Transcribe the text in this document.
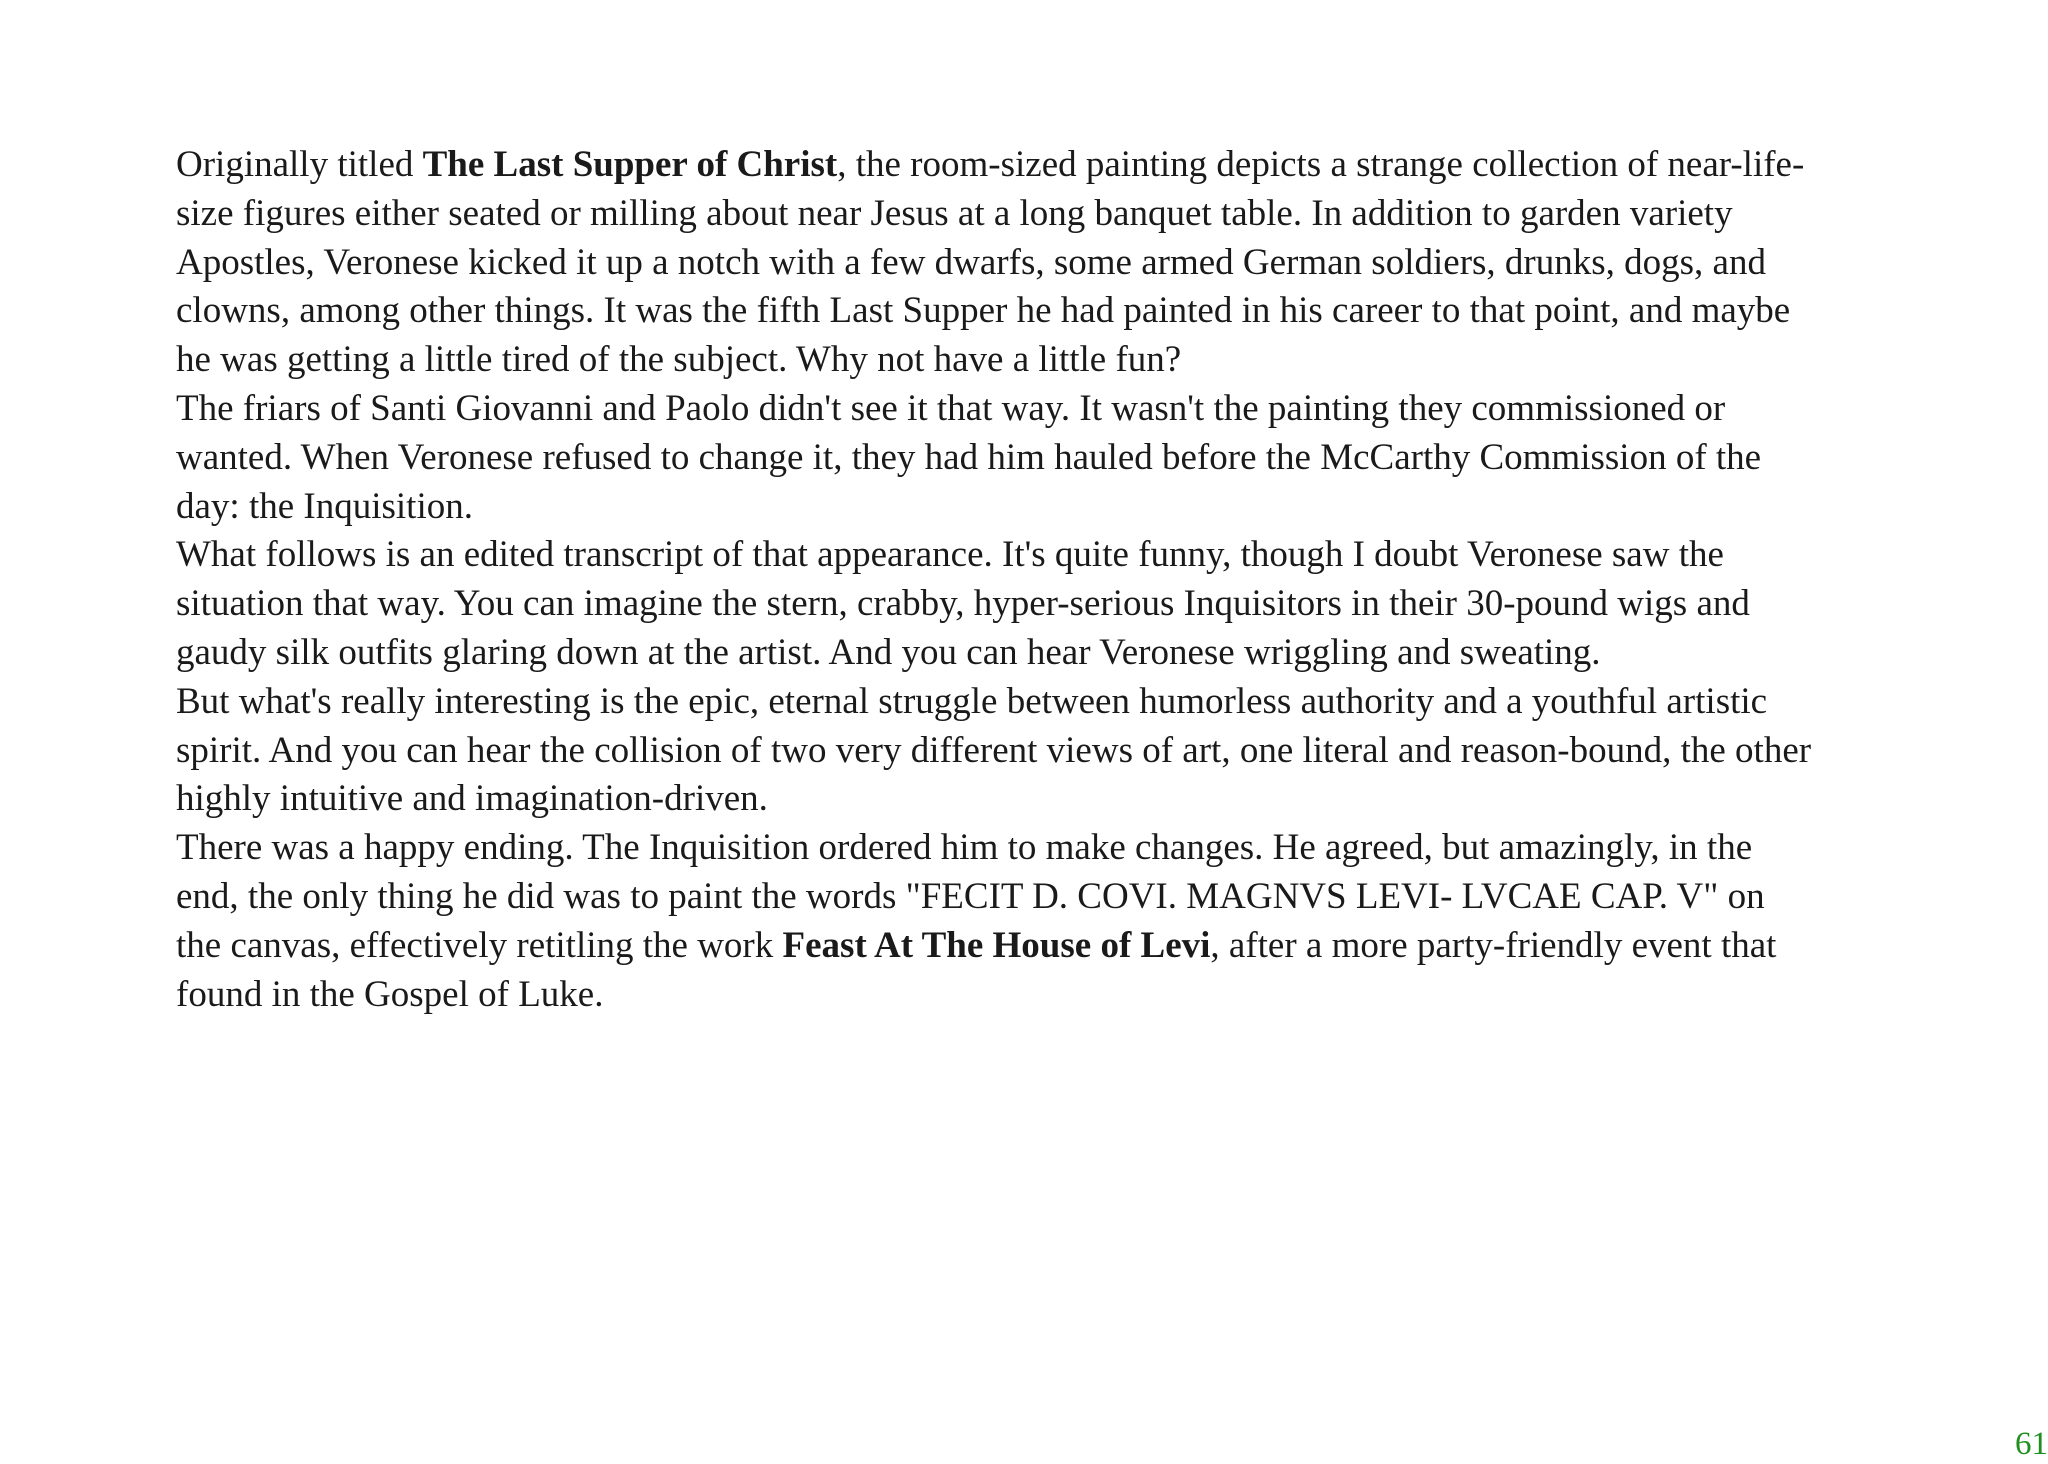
Originally titled The Last Supper of Christ, the room-sized painting depicts a strange collection of near-life-size figures either seated or milling about near Jesus at a long banquet table. In addition to garden variety Apostles, Veronese kicked it up a notch with a few dwarfs, some armed German soldiers, drunks, dogs, and clowns, among other things. It was the fifth Last Supper he had painted in his career to that point, and maybe he was getting a little tired of the subject. Why not have a little fun?

The friars of Santi Giovanni and Paolo didn't see it that way. It wasn't the painting they commissioned or wanted. When Veronese refused to change it, they had him hauled before the McCarthy Commission of the day: the Inquisition.

What follows is an edited transcript of that appearance. It's quite funny, though I doubt Veronese saw the situation that way. You can imagine the stern, crabby, hyper-serious Inquisitors in their 30-pound wigs and gaudy silk outfits glaring down at the artist. And you can hear Veronese wriggling and sweating.

But what's really interesting is the epic, eternal struggle between humorless authority and a youthful artistic spirit. And you can hear the collision of two very different views of art, one literal and reason-bound, the other highly intuitive and imagination-driven.

There was a happy ending. The Inquisition ordered him to make changes. He agreed, but amazingly, in the end, the only thing he did was to paint the words "FECIT D. COVI. MAGNVS LEVI- LVCAE CAP. V" on the canvas, effectively retitling the work Feast At The House of Levi, after a more party-friendly event that found in the Gospel of Luke.

61
